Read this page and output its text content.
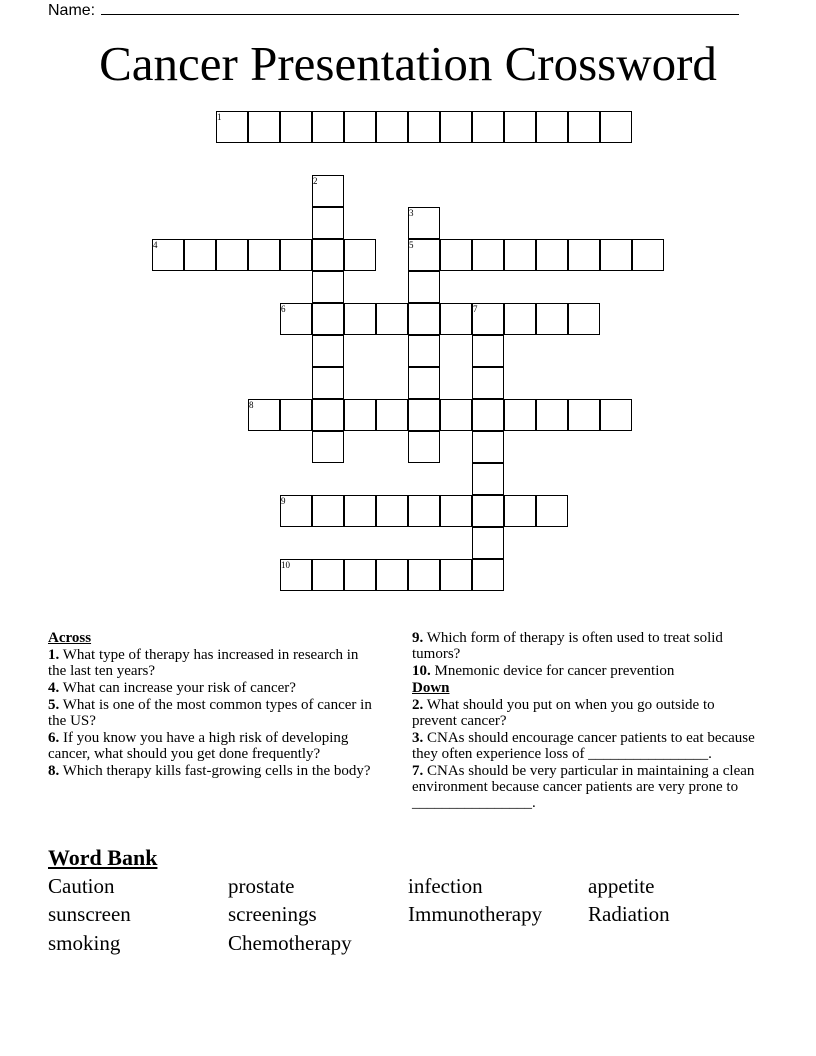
Name:
Cancer Presentation Crossword
1
4	5
6
8
9
10
2
3
7

Across

1. What type of therapy has increased in research in the last ten years?

4. What can increase your risk of cancer?

5. What is one of the most common types of cancer in the US?

6. If you know you have a high risk of developing cancer, what should you get done frequently?

8. Which therapy kills fast-growing cells in the body?

9. Which form of therapy is often used to treat solid tumors?

10. Mnemonic device for cancer prevention

Down

2. What should you put on when you go outside to prevent cancer?

3. CNAs should encourage cancer patients to eat because they often experience loss of ________________.

7. CNAs should be very particular in maintaining a clean environment because cancer patients are very prone to ________________.

Word Bank
Caution	prostate	infection	appetite
sunscreen	screenings	Immunotherapy Radiation
smoking	Chemotherapy
